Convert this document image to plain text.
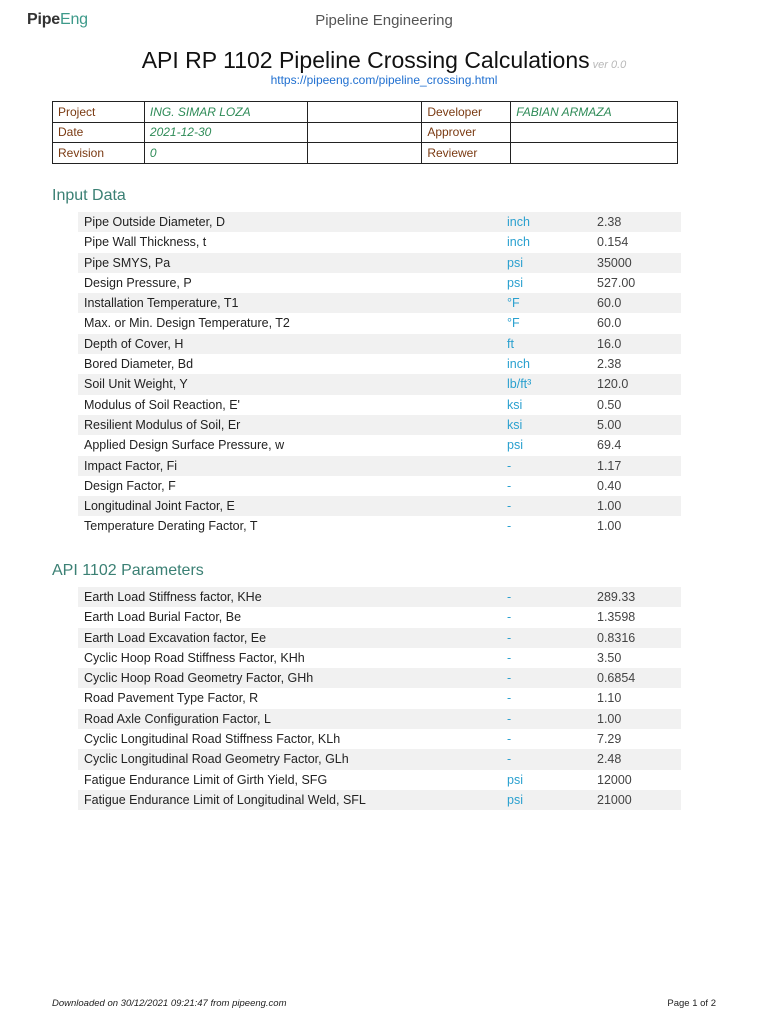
PipeEng	Pipeline Engineering
API RP 1102 Pipeline Crossing Calculations ver 0.0
https://pipeeng.com/pipeline_crossing.html
Project	ING. SIMAR LOZA		Developer	FABIAN ARMAZA
Date	2021-12-30		Approver	
Revision	0		Reviewer	
Input Data
Pipe Outside Diameter, D	inch	2.38
Pipe Wall Thickness, t	inch	0.154
Pipe SMYS, Pa	psi	35000
Design Pressure, P	psi	527.00
Installation Temperature, T1	°F	60.0
Max. or Min. Design Temperature, T2	°F	60.0
Depth of Cover, H	ft	16.0
Bored Diameter, Bd	inch	2.38
Soil Unit Weight, Y	lb/ft³	120.0
Modulus of Soil Reaction, E'	ksi	0.50
Resilient Modulus of Soil, Er	ksi	5.00
Applied Design Surface Pressure, w	psi	69.4
Impact Factor, Fi	-	1.17
Design Factor, F	-	0.40
Longitudinal Joint Factor, E	-	1.00
Temperature Derating Factor, T	-	1.00
API 1102 Parameters
Earth Load Stiffness factor, KHe	-	289.33
Earth Load Burial Factor, Be	-	1.3598
Earth Load Excavation factor, Ee	-	0.8316
Cyclic Hoop Road Stiffness Factor, KHh	-	3.50
Cyclic Hoop Road Geometry Factor, GHh	-	0.6854
Road Pavement Type Factor, R	-	1.10
Road Axle Configuration Factor, L	-	1.00
Cyclic Longitudinal Road Stiffness Factor, KLh	-	7.29
Cyclic Longitudinal Road Geometry Factor, GLh	-	2.48
Fatigue Endurance Limit of Girth Yield, SFG	psi	12000
Fatigue Endurance Limit of Longitudinal Weld, SFL	psi	21000
Downloaded on 30/12/2021 09:21:47 from pipeeng.com	Page 1 of 2
